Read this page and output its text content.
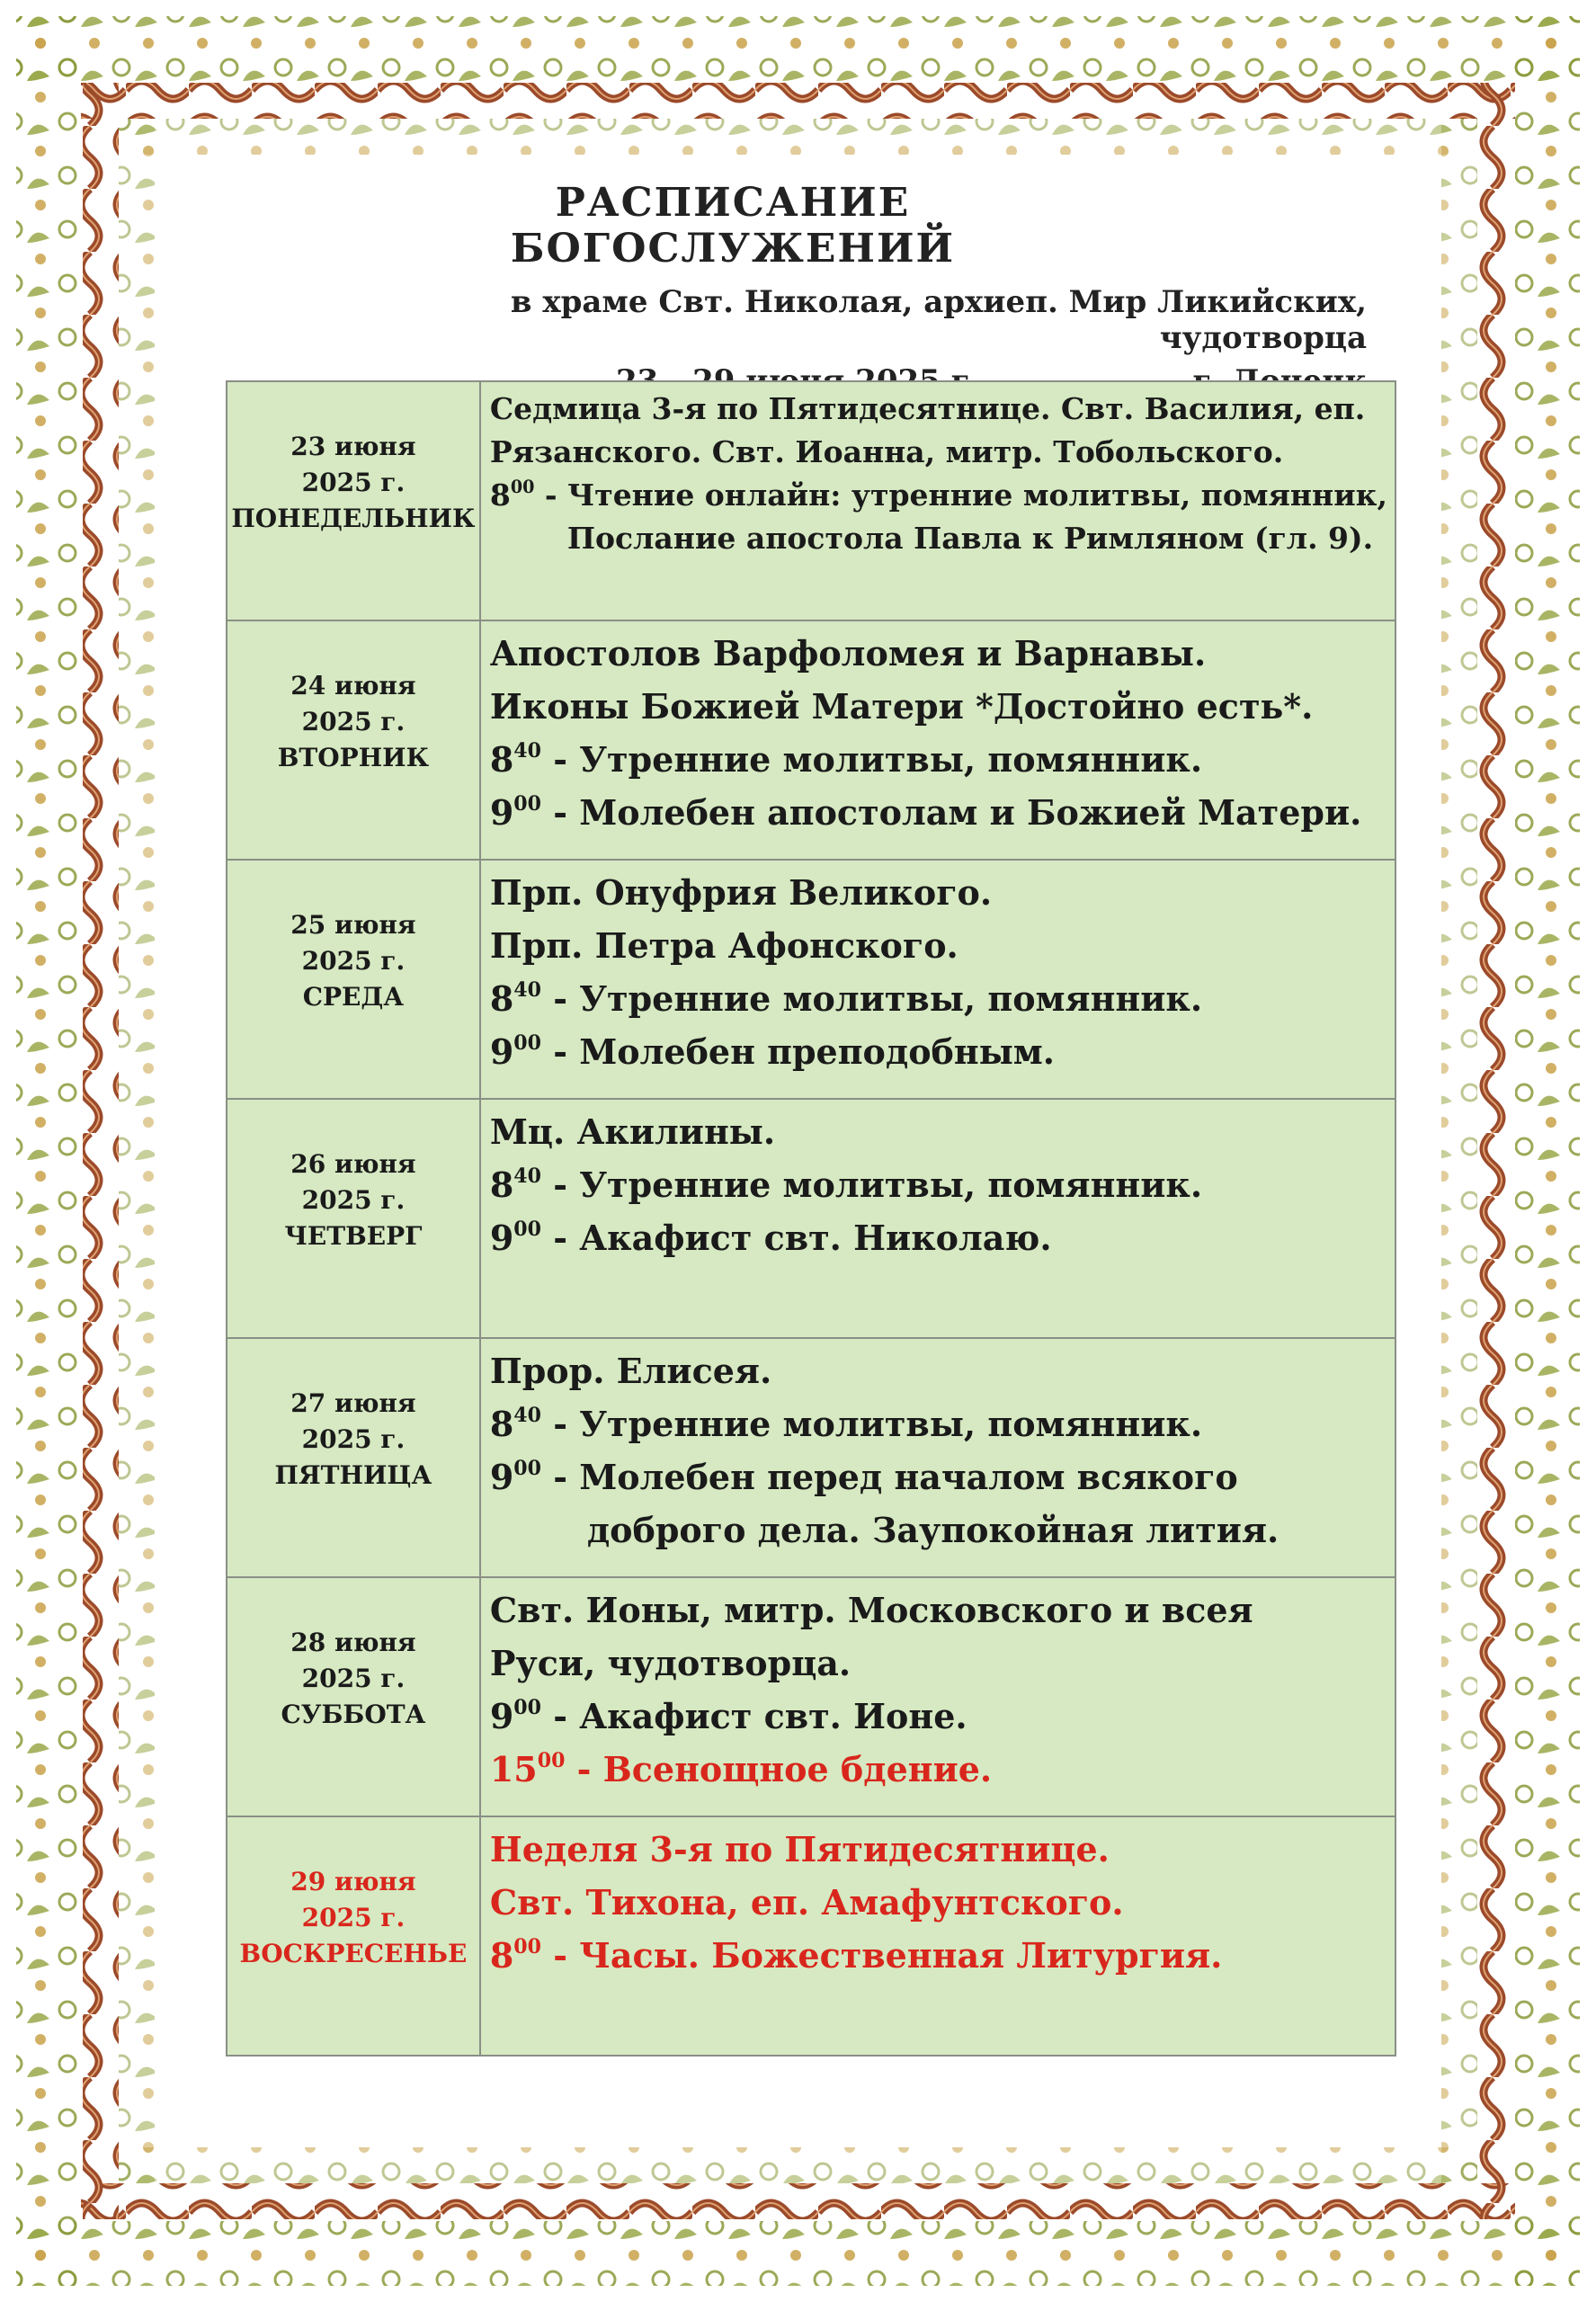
РАСПИСАНИЕ БОГОСЛУЖЕНИЙ
в храме Свт. Николая, архиеп. Мир Ликийских, чудотворца
23 июня
2025 г.
ПОНЕДЕЛЬНИК	Седмица 3-я по Пятидесятнице. Свт. Василия, еп.
Рязанского. Свт. Иоанна, митр. Тобольского.
$8^{00}$ - Чтение онлайн: утренние молитвы, помянник,
Послание апостола Павла к Римляном (гл. 9).

24 июня
2025 г.
ВТОРНИК	Апостолов Варфоломея и Варнавы.
Иконы Божией Матери *Достойно есть*.
$8^{40}$ - Утренние молитвы, помянник.
$9^{00}$ - Молебен апостолам и Божией Матери.

25 июня
2025 г.
СРЕДА	Прп. Онуфрия Великого.
Прп. Петра Афонского.
$8^{40}$ - Утренние молитвы, помянник.
$9^{00}$ - Молебен преподобным.

26 июня
2025 г.
ЧЕТВЕРГ	Мц. Акилины.
$8^{40}$ - Утренние молитвы, помянник.
$9^{00}$ - Акафист свт. Николаю.

27 июня
2025 г.
ПЯТНИЦА	Прор. Елисея.
$8^{40}$ - Утренние молитвы, помянник.
$9^{00}$ - Молебен перед началом всякого
доброго дела. Заупокойная лития.

28 июня
2025 г.
СУББОТА	Свт. Ионы, митр. Московского и всея
Руси, чудотворца.
$9^{00}$ - Акафист свт. Ионе.
$15^{00}$ - Всенощное бдение.

29 июня
2025 г.
ВОСКРЕСЕНЬЕ	Неделя 3-я по Пятидесятнице.
Свт. Тихона, еп. Амафунтского.
$8^{00}$ - Часы. Божественная Литургия.
